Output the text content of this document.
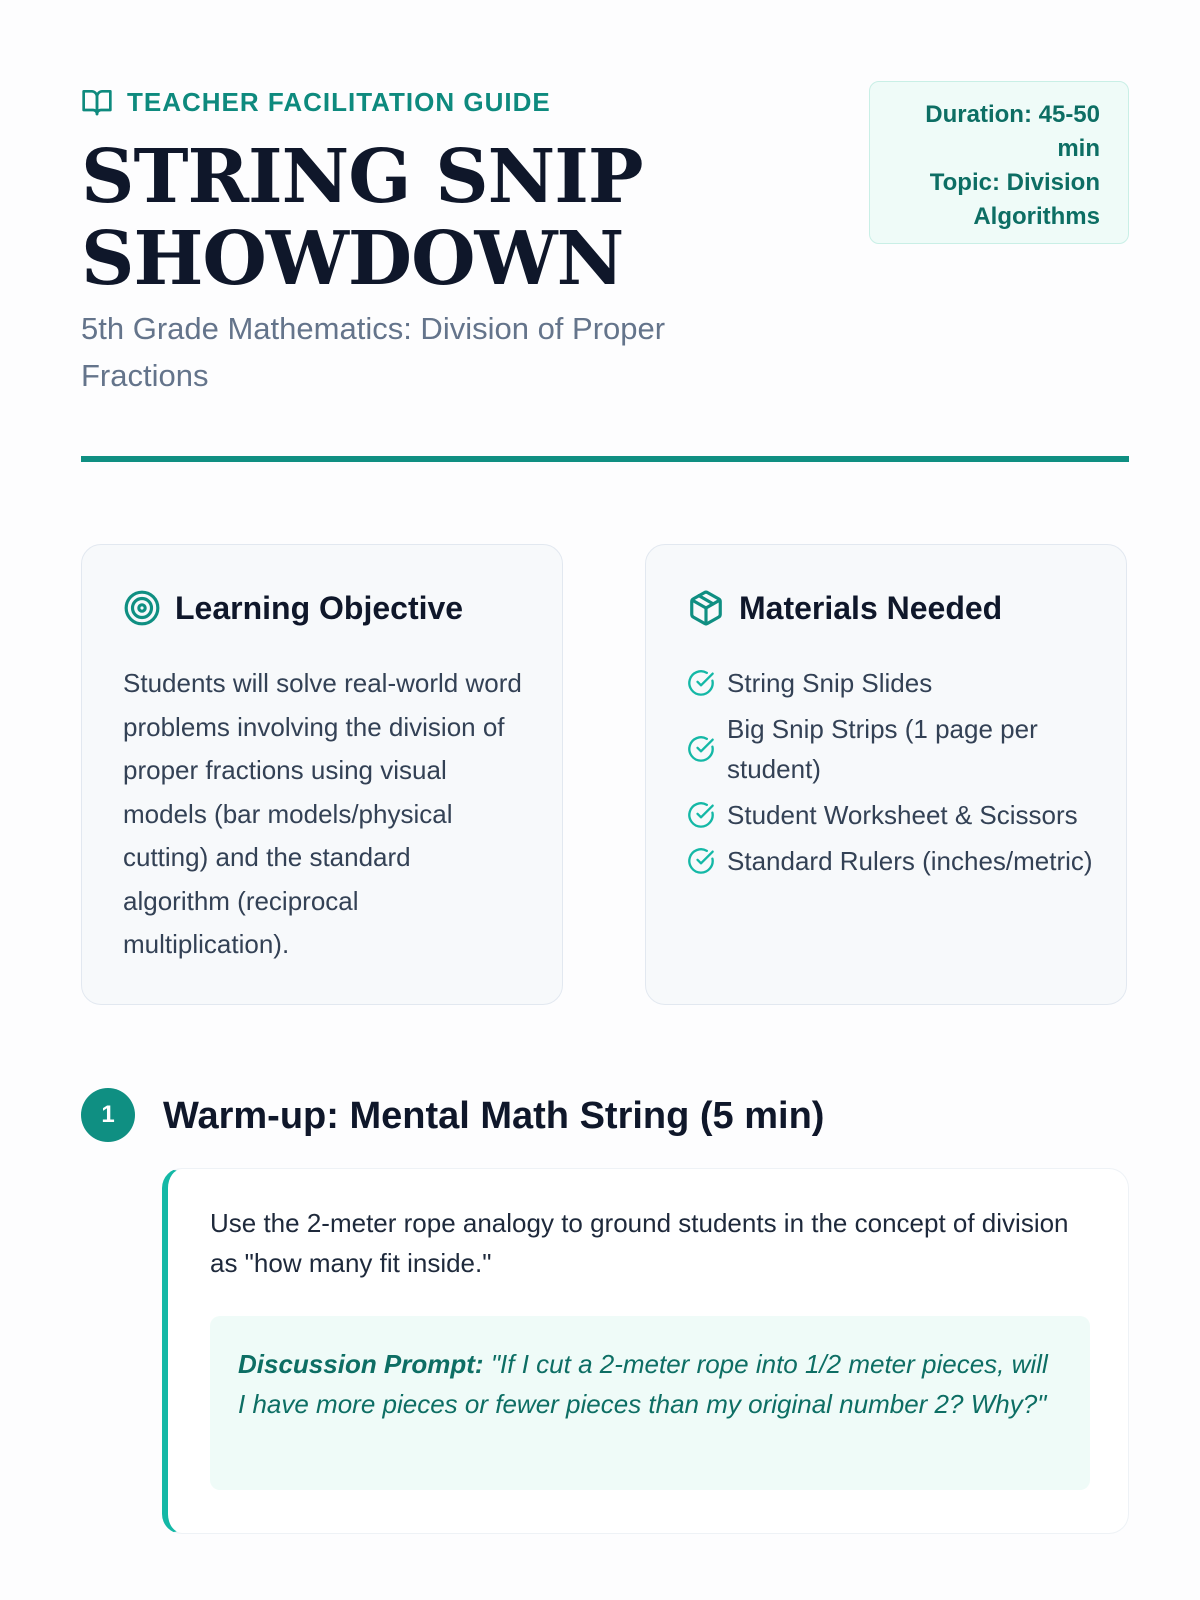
TEACHER FACILITATION GUIDE
STRING SNIP SHOWDOWN
5th Grade Mathematics: Division of Proper Fractions
Duration: 45-50 min
Topic: Division Algorithms
Learning Objective
Students will solve real-world word problems involving the division of proper fractions using visual models (bar models/physical cutting) and the standard algorithm (reciprocal multiplication).
Materials Needed
String Snip Slides
Big Snip Strips (1 page per student)
Student Worksheet & Scissors
Standard Rulers (inches/metric)
1	Warm-up: Mental Math String (5 min)
Use the 2-meter rope analogy to ground students in the concept of division as "how many fit inside."
Discussion Prompt: "If I cut a 2-meter rope into 1/2 meter pieces, will I have more pieces or fewer pieces than my original number 2? Why?"
